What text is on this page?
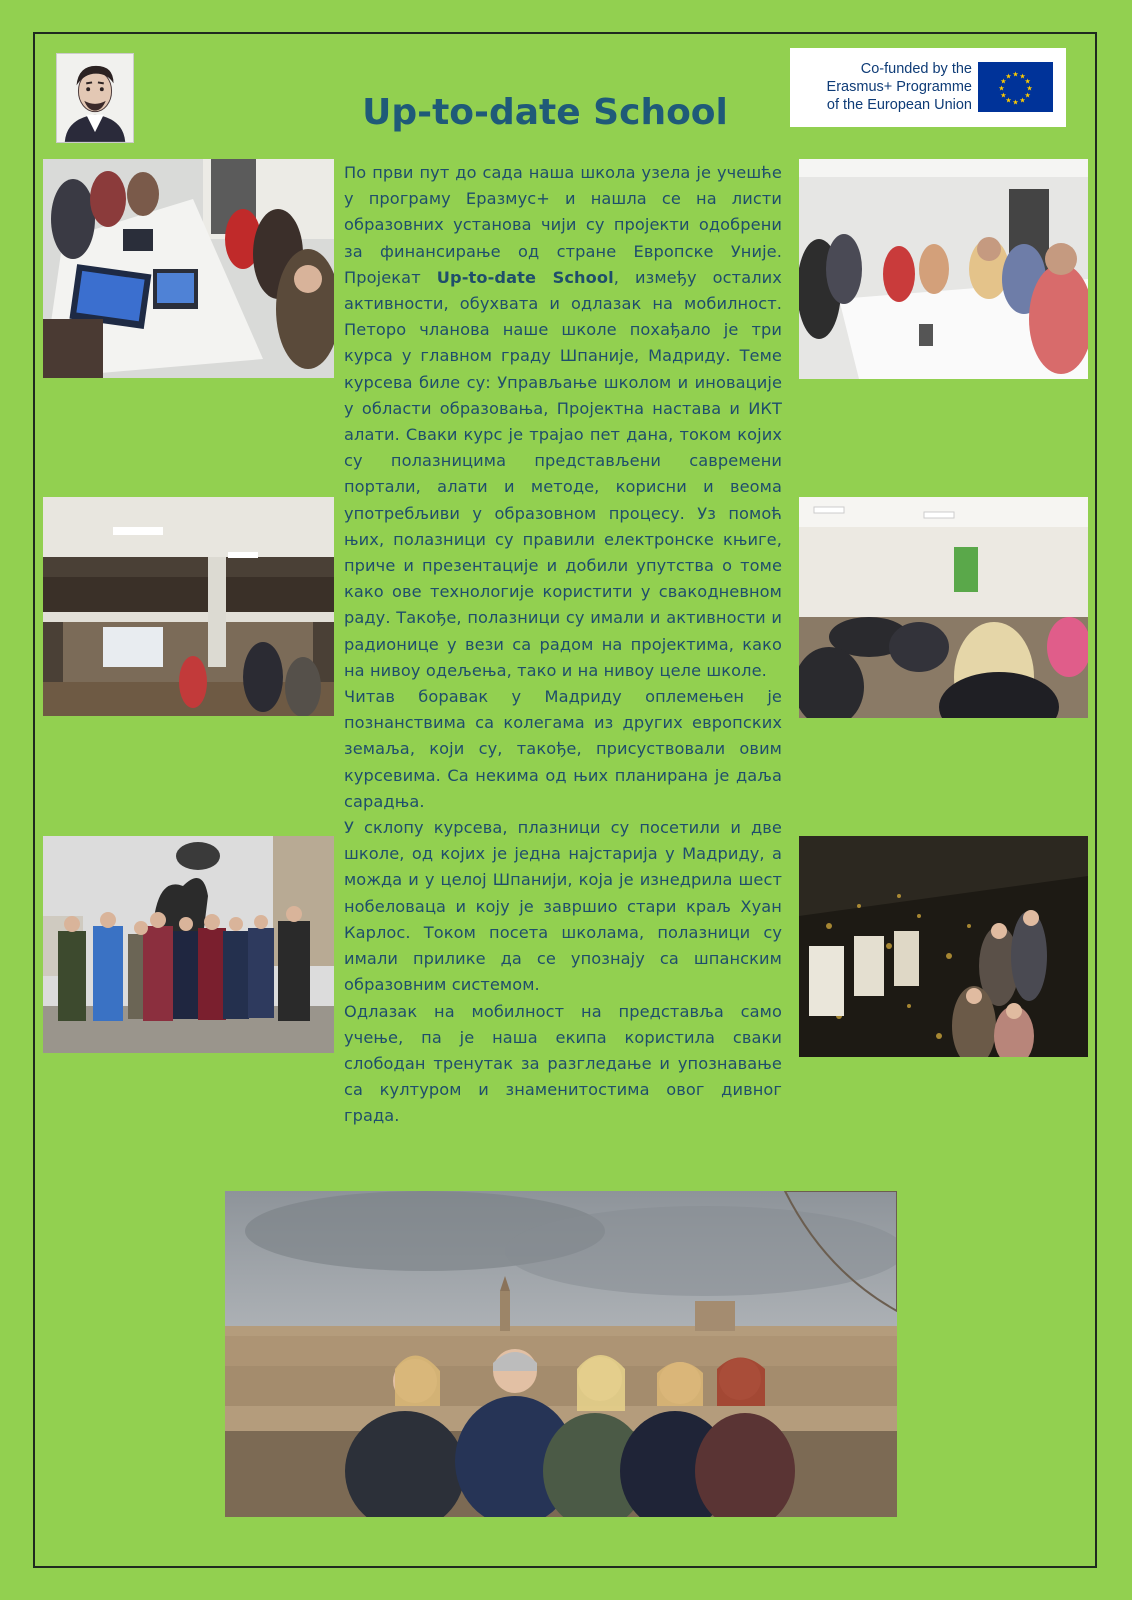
Up-to-date School
Co-funded by the
Erasmus+ Programme
of the European Union
★ ★
★
★
★
★
★
★
★
★
★
★

По први пут до сада наша школа узела је учешће у програму Еразмус+ и нашла се на листи образовних установа чији су пројекти одобрени за финансирање од стране Европске Уније. Пројекат Up-to-date School, између осталих активности, обухвата и одлазак на мобилност. Петоро чланова наше школе похађало је три курса у главном граду Шпаније, Мадриду. Теме курсева биле су: Управљање школом и иновације у области образовања, Пројектна настава и ИКТ алати. Сваки курс је трајао пет дана, током којих су полазницима представљени савремени портали, алати и методе, корисни и веома употребљиви у образовном процесу. Уз помоћ њих, полазници су правили електронске књиге, приче и презентације и добили упутства о томе како ове технологије користити у свакодневном раду. Такође, полазници су имали и активности и радионице у вези са радом на пројектима, како на нивоу одељења, тако и на нивоу целе школе.

Читав боравак у Мадриду оплемењен је познанствима са колегама из других европских земаља, који су, такође, присуствовали овим курсевима. Са некима од њих планирана је даља сарадња.

У склопу курсева, плазници су посетили и две школе, од којих је једна најстарија у Мадриду, а можда и у целој Шпанији, која је изнедрила шест нобеловаца и коју је завршио стари краљ Хуан Карлос. Током посета школама, полазници су имали прилике да се упознају са шпанским образовним системом.

Одлазак на мобилност на представља само учење, па је наша екипа користила сваки слободан тренутак за разгледање и упознавање са културом и знаменитостима овог дивног града.
